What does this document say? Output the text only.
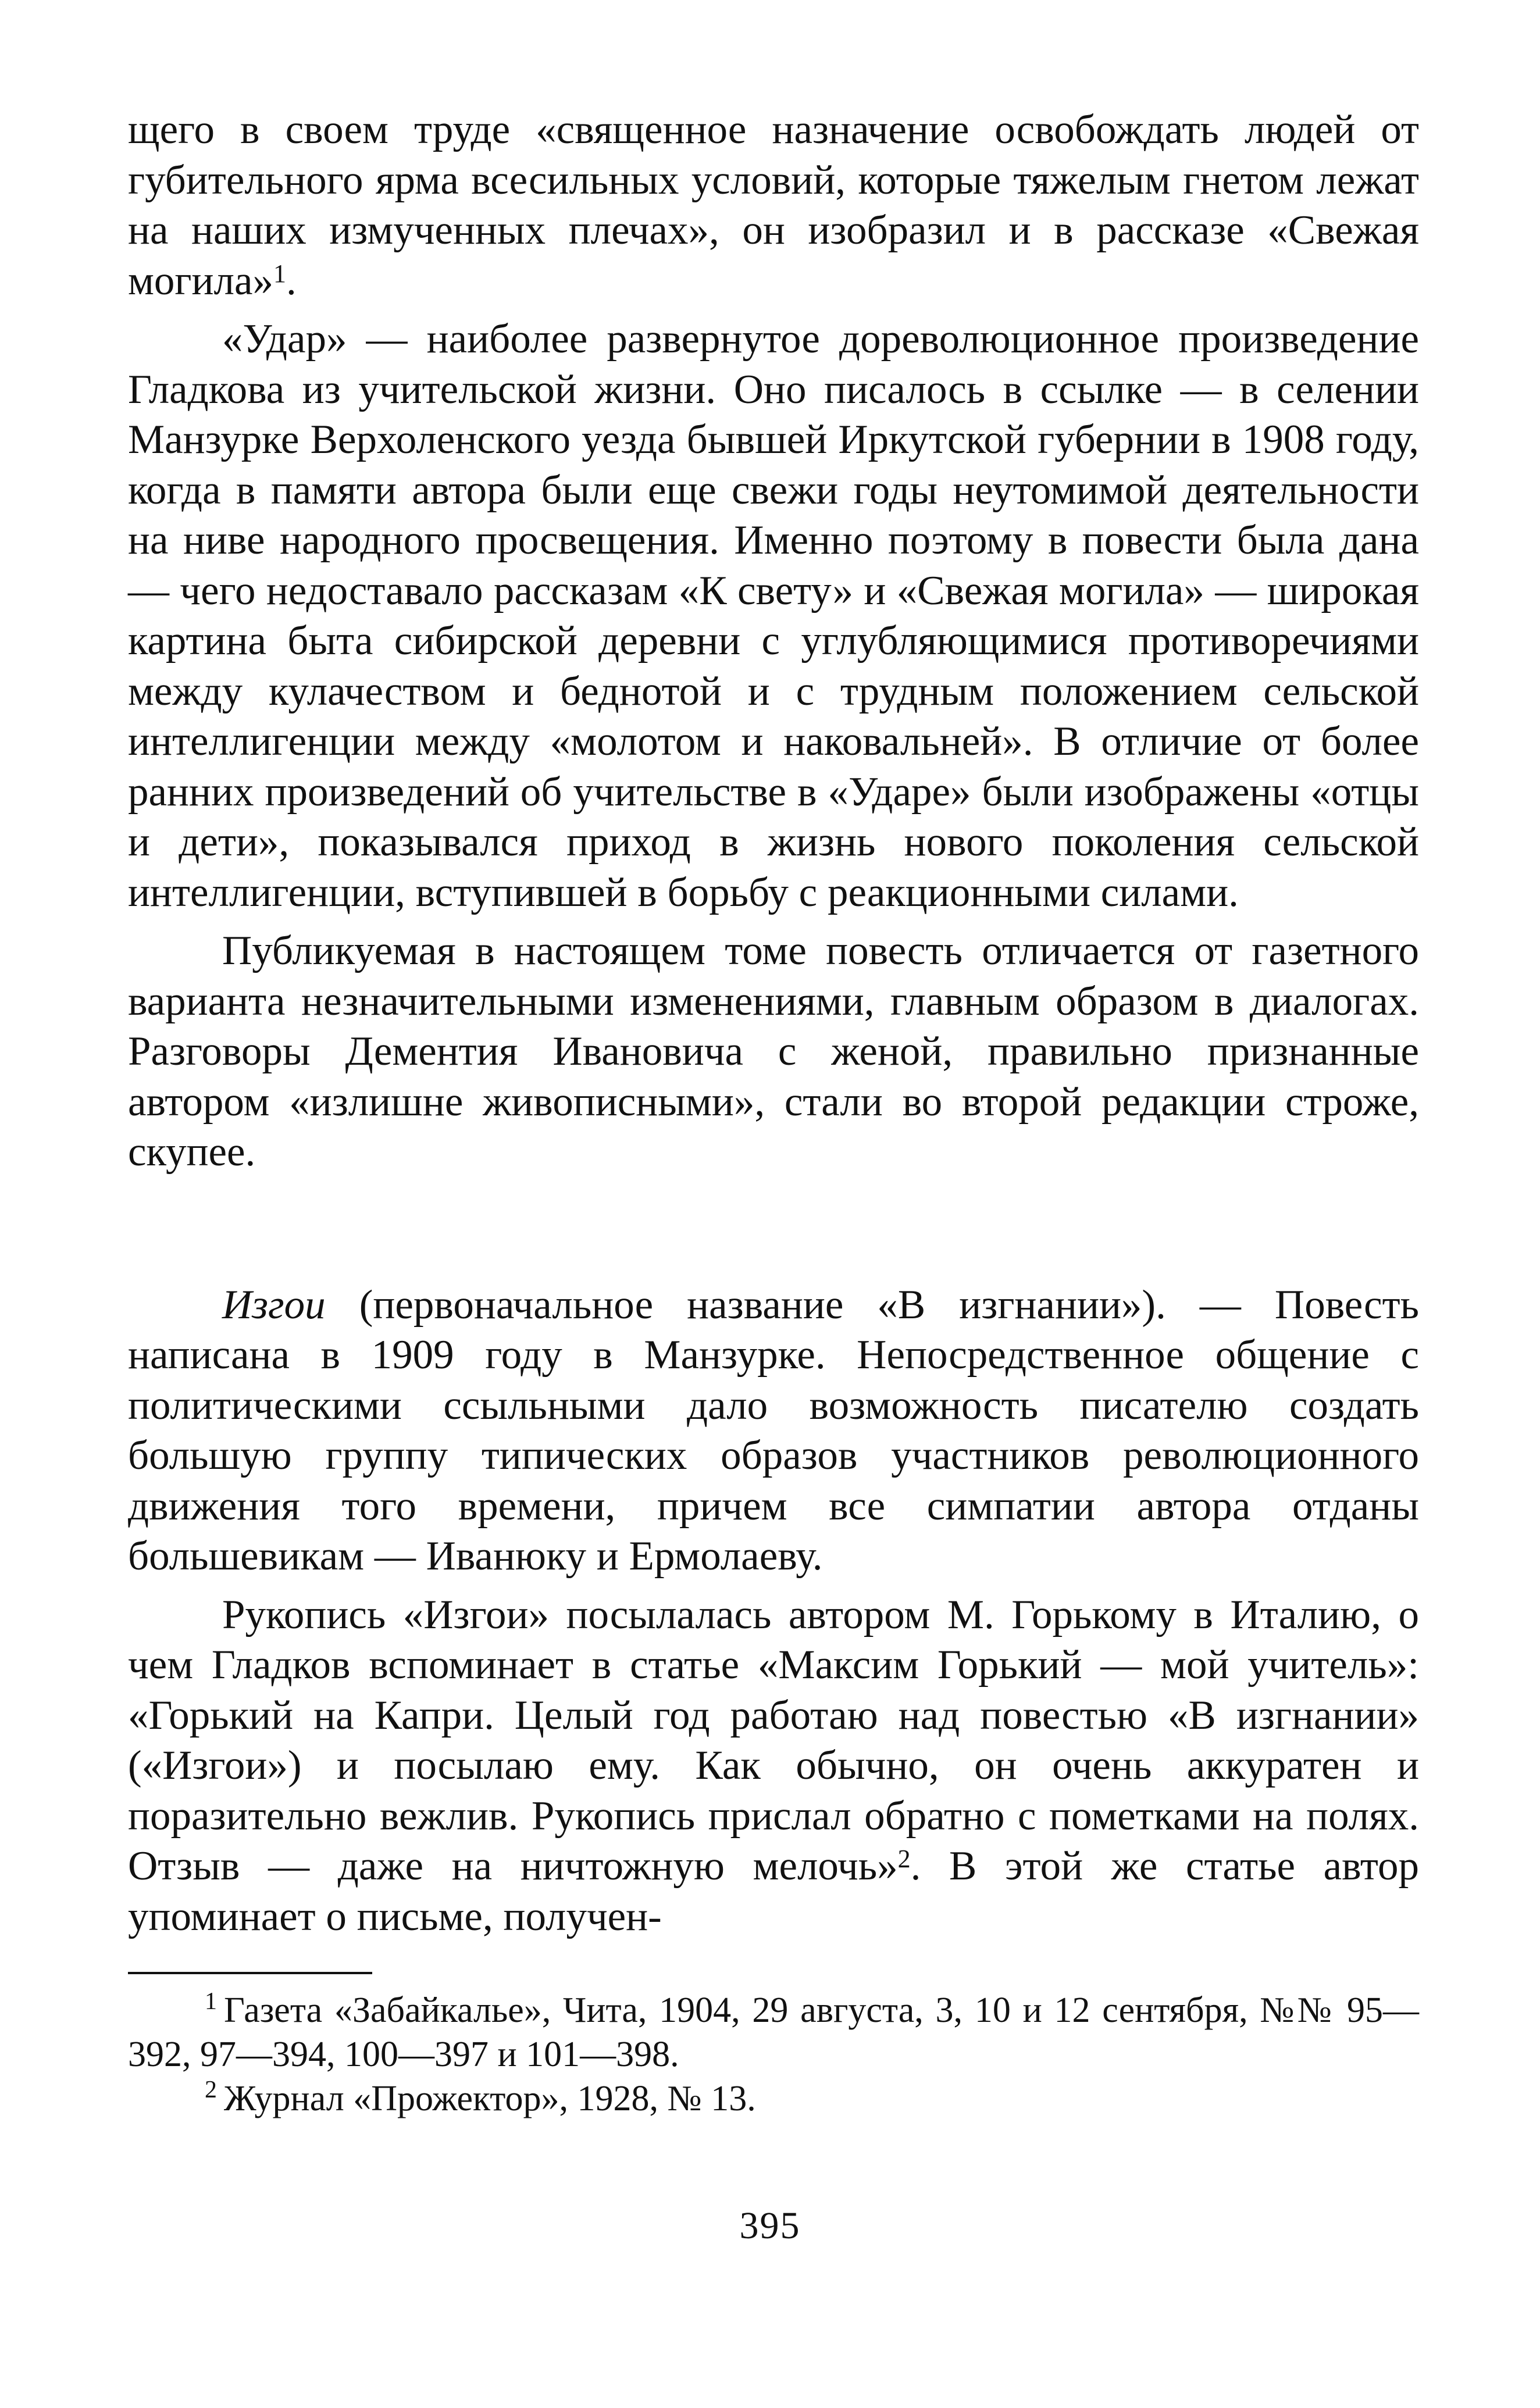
щего в своем труде «священное назначение освобождать людей от губительного ярма всесильных условий, которые тяжелым гнетом лежат на наших измученных плечах», он изобразил и в рассказе «Свежая могила»$^1$.

«Удар» — наиболее развернутое дореволюционное произведение Гладкова из учительской жизни. Оно писалось в ссылке — в селении Манзурке Верхоленского уезда бывшей Иркутской губернии в 1908 году, когда в памяти автора были еще свежи годы неутомимой деятельности на ниве народного просвещения. Именно поэтому в повести была дана — чего недоставало рассказам «К свету» и «Свежая могила» — широкая картина быта сибирской деревни с углубляющимися противоречиями между кулачеством и беднотой и с трудным положением сельской интеллигенции между «молотом и наковальней». В отличие от более ранних произведений об учительстве в «Ударе» были изображены «отцы и дети», показывался приход в жизнь нового поколения сельской интеллигенции, вступившей в борьбу с реакционными силами.

Публикуемая в настоящем томе повесть отличается от газетного варианта незначительными изменениями, главным образом в диалогах. Разговоры Дементия Ивановича с женой, правильно признанные автором «излишне живописными», стали во второй редакции строже, скупее.

Изгои (первоначальное название «В изгнании»). — Повесть написана в 1909 году в Манзурке. Непосредственное общение с политическими ссыльными дало возможность писателю создать большую группу типических образов участников революционного движения того времени, причем все симпатии автора отданы большевикам — Иванюку и Ермолаеву.

Рукопись «Изгои» посылалась автором М. Горькому в Италию, о чем Гладков вспоминает в статье «Максим Горький — мой учитель»: «Горький на Капри. Целый год работаю над повестью «В изгнании» («Изгои») и посылаю ему. Как обычно, он очень аккуратен и поразительно вежлив. Рукопись прислал обратно с пометками на полях. Отзыв — даже на ничтожную мелочь»$^2$. В этой же статье автор упоминает о письме, получен-

$^1$ Газета «Забайкалье», Чита, 1904, 29 августа, 3, 10 и 12 сентября, №№ 95—392, 97—394, 100—397 и 101—398.

$^2$ Журнал «Прожектор», 1928, № 13.

395
